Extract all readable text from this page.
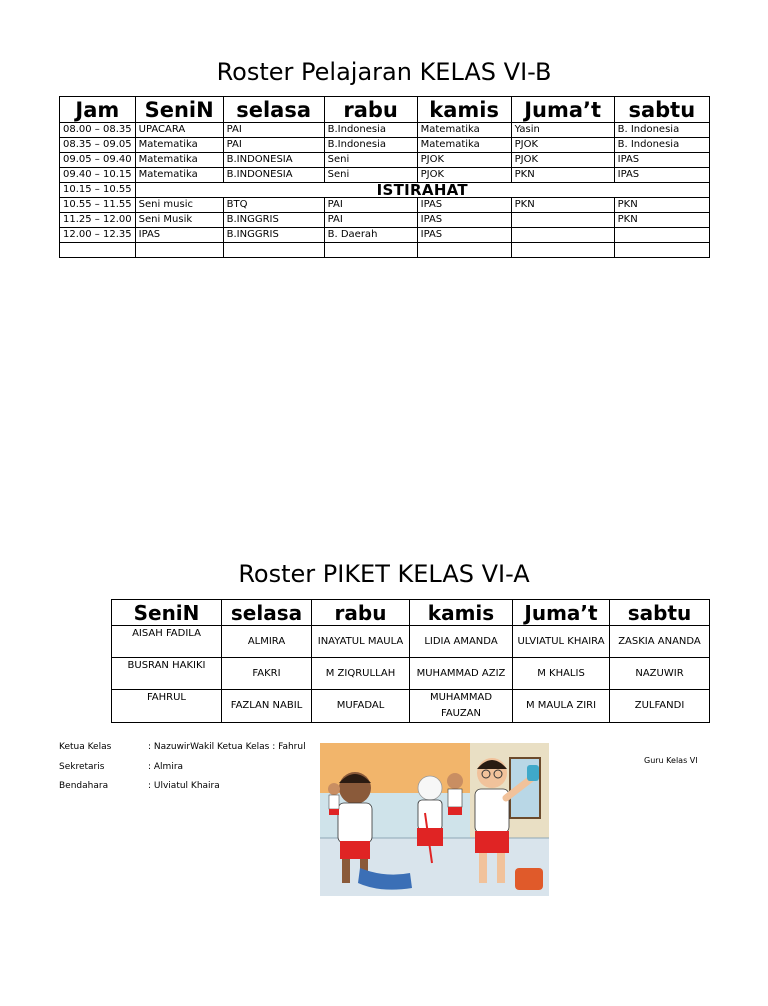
Roster Pelajaran KELAS VI-B
Jam	SeniN	selasa	rabu	kamis	Juma’t	sabtu
08.00 – 08.35	UPACARA	PAI	B.Indonesia	Matematika	Yasin	B. Indonesia
08.35 – 09.05	Matematika	PAI	B.Indonesia	Matematika	PJOK	B. Indonesia
09.05 – 09.40	Matematika	B.INDONESIA	Seni	PJOK	PJOK	IPAS
09.40 – 10.15	Matematika	B.INDONESIA	Seni	PJOK	PKN	IPAS
10.15 – 10.55	ISTIRAHAT					
10.55 – 11.55	Seni music	BTQ	PAI	IPAS	PKN	PKN
11.25 – 12.00	Seni Musik	B.INGGRIS	PAI	IPAS		PKN
12.00 – 12.35	IPAS	B.INGGRIS	B. Daerah	IPAS		

Roster PIKET KELAS VI-A
SeniN	selasa	rabu	kamis	Juma’t	sabtu
AISAH FADILA	ALMIRA	INAYATUL MAULA	LIDIA AMANDA	ULVIATUL KHAIRA	ZASKIA ANANDA
BUSRAN HAKIKI	FAKRI	M ZIQRULLAH	MUHAMMAD AZIZ	M KHALIS	NAZUWIR
FAHRUL	FAZLAN NABIL	MUFADAL	MUHAMMAD FAUZAN	M MAULA ZIRI	ZULFANDI
Ketua Kelas	: NazuwirWakil Ketua Kelas : Fahrul
Sekretaris	: Almira
Bendahara	: Ulviatul Khaira
Guru Kelas VI
